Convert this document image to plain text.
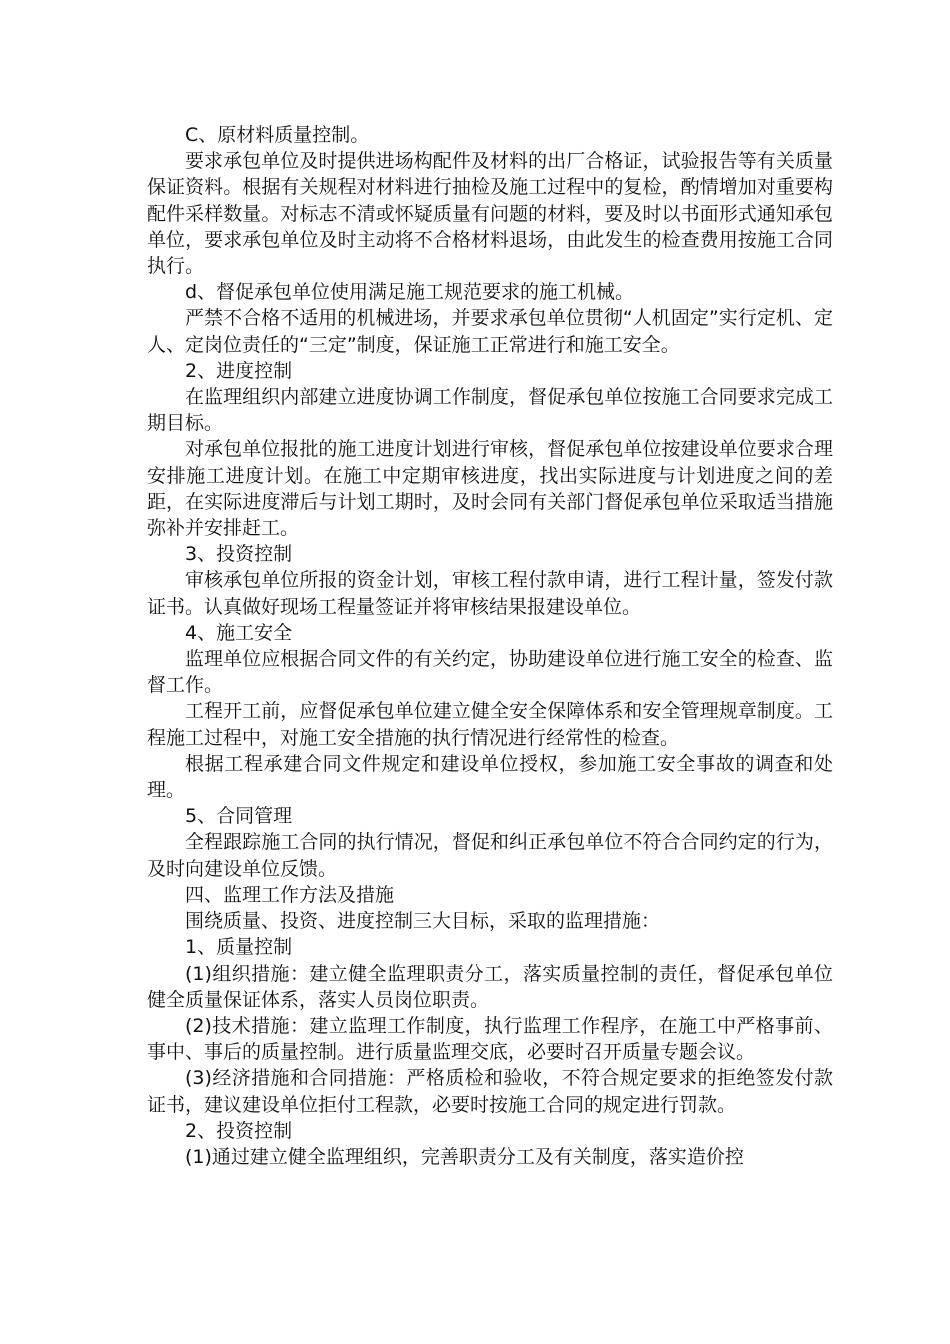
C、原材料质量控制。

要求承包单位及时提供进场构配件及材料的出厂合格证，试验报告等有关质量保证资料。根据有关规程对材料进行抽检及施工过程中的复检，酌情增加对重要构配件采样数量。对标志不清或怀疑质量有问题的材料，要及时以书面形式通知承包单位，要求承包单位及时主动将不合格材料退场，由此发生的检查费用按施工合同执行。

d、督促承包单位使用满足施工规范要求的施工机械。

严禁不合格不适用的机械进场，并要求承包单位贯彻“人机固定”实行定机、定人、定岗位责任的“三定”制度，保证施工正常进行和施工安全。

2、进度控制

在监理组织内部建立进度协调工作制度，督促承包单位按施工合同要求完成工期目标。

对承包单位报批的施工进度计划进行审核，督促承包单位按建设单位要求合理安排施工进度计划。在施工中定期审核进度，找出实际进度与计划进度之间的差距，在实际进度滞后与计划工期时，及时会同有关部门督促承包单位采取适当措施弥补并安排赶工。

3、投资控制

审核承包单位所报的资金计划，审核工程付款申请，进行工程计量，签发付款证书。认真做好现场工程量签证并将审核结果报建设单位。

4、施工安全

监理单位应根据合同文件的有关约定，协助建设单位进行施工安全的检查、监督工作。

工程开工前，应督促承包单位建立健全安全保障体系和安全管理规章制度。工程施工过程中，对施工安全措施的执行情况进行经常性的检查。

根据工程承建合同文件规定和建设单位授权，参加施工安全事故的调查和处理。

5、合同管理

全程跟踪施工合同的执行情况，督促和纠正承包单位不符合合同约定的行为，及时向建设单位反馈。

四、监理工作方法及措施

围绕质量、投资、进度控制三大目标，采取的监理措施：

1、质量控制

(1)组织措施：建立健全监理职责分工，落实质量控制的责任，督促承包单位健全质量保证体系，落实人员岗位职责。

(2)技术措施：建立监理工作制度，执行监理工作程序，在施工中严格事前、事中、事后的质量控制。进行质量监理交底，必要时召开质量专题会议。

(3)经济措施和合同措施：严格质检和验收，不符合规定要求的拒绝签发付款证书，建议建设单位拒付工程款，必要时按施工合同的规定进行罚款。

2、投资控制

(1)通过建立健全监理组织，完善职责分工及有关制度，落实造价控
